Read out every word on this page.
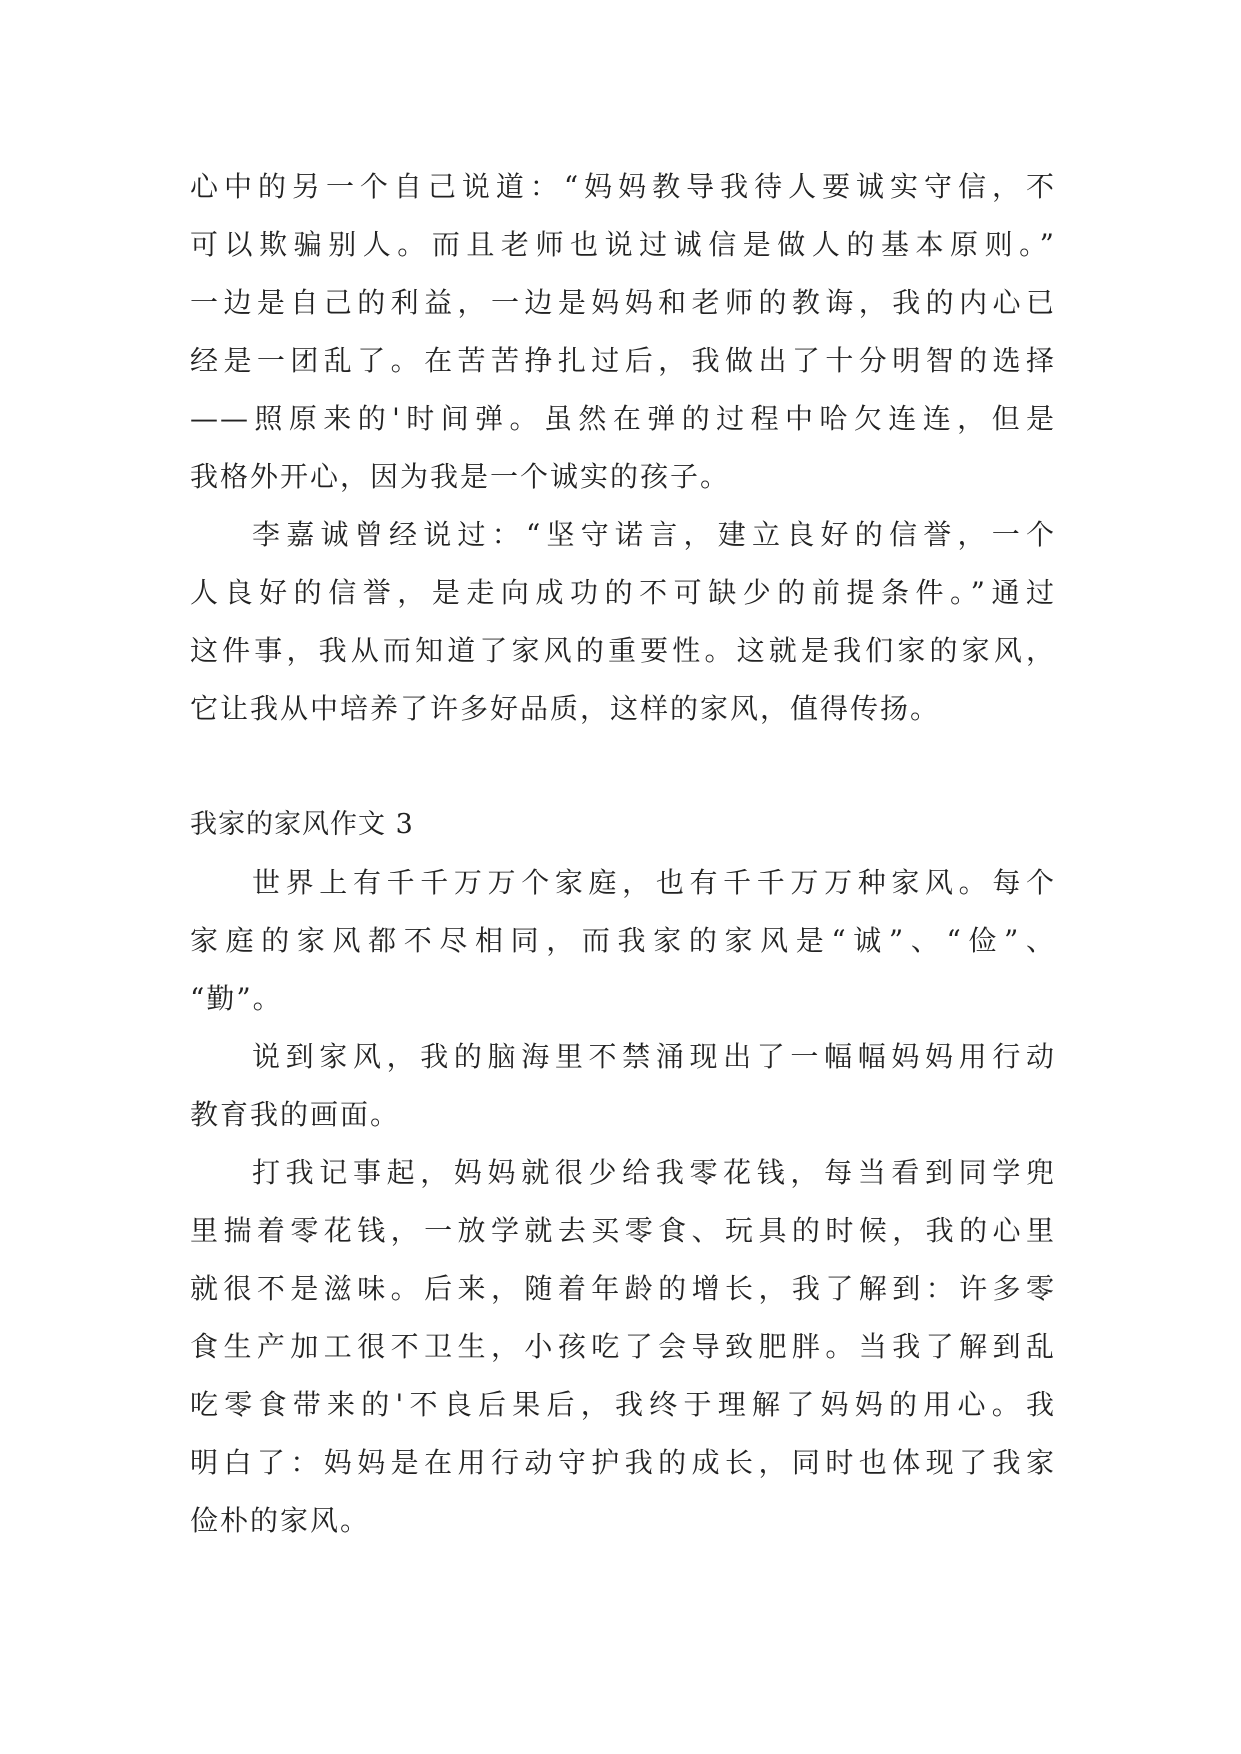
心中的另一个自己说道：“妈妈教导我待人要诚实守信，不
可以欺骗别人。而且老师也说过诚信是做人的基本原则。”
一边是自己的利益，一边是妈妈和老师的教诲，我的内心已
经是一团乱了。在苦苦挣扎过后，我做出了十分明智的选择
——照原来的'时间弹。虽然在弹的过程中哈欠连连，但是
我格外开心，因为我是一个诚实的孩子。
李嘉诚曾经说过：“坚守诺言，建立良好的信誉，一个
人良好的信誉，是走向成功的不可缺少的前提条件。”通过
这件事，我从而知道了家风的重要性。这就是我们家的家风，
它让我从中培养了许多好品质，这样的家风，值得传扬。
我家的家风作文 3
世界上有千千万万个家庭，也有千千万万种家风。每个
家庭的家风都不尽相同，而我家的家风是“诚”、“俭”、
“勤”。
说到家风，我的脑海里不禁涌现出了一幅幅妈妈用行动
教育我的画面。
打我记事起，妈妈就很少给我零花钱，每当看到同学兜
里揣着零花钱，一放学就去买零食、玩具的时候，我的心里
就很不是滋味。后来，随着年龄的增长，我了解到：许多零
食生产加工很不卫生，小孩吃了会导致肥胖。当我了解到乱
吃零食带来的'不良后果后，我终于理解了妈妈的用心。我
明白了：妈妈是在用行动守护我的成长，同时也体现了我家
俭朴的家风。
